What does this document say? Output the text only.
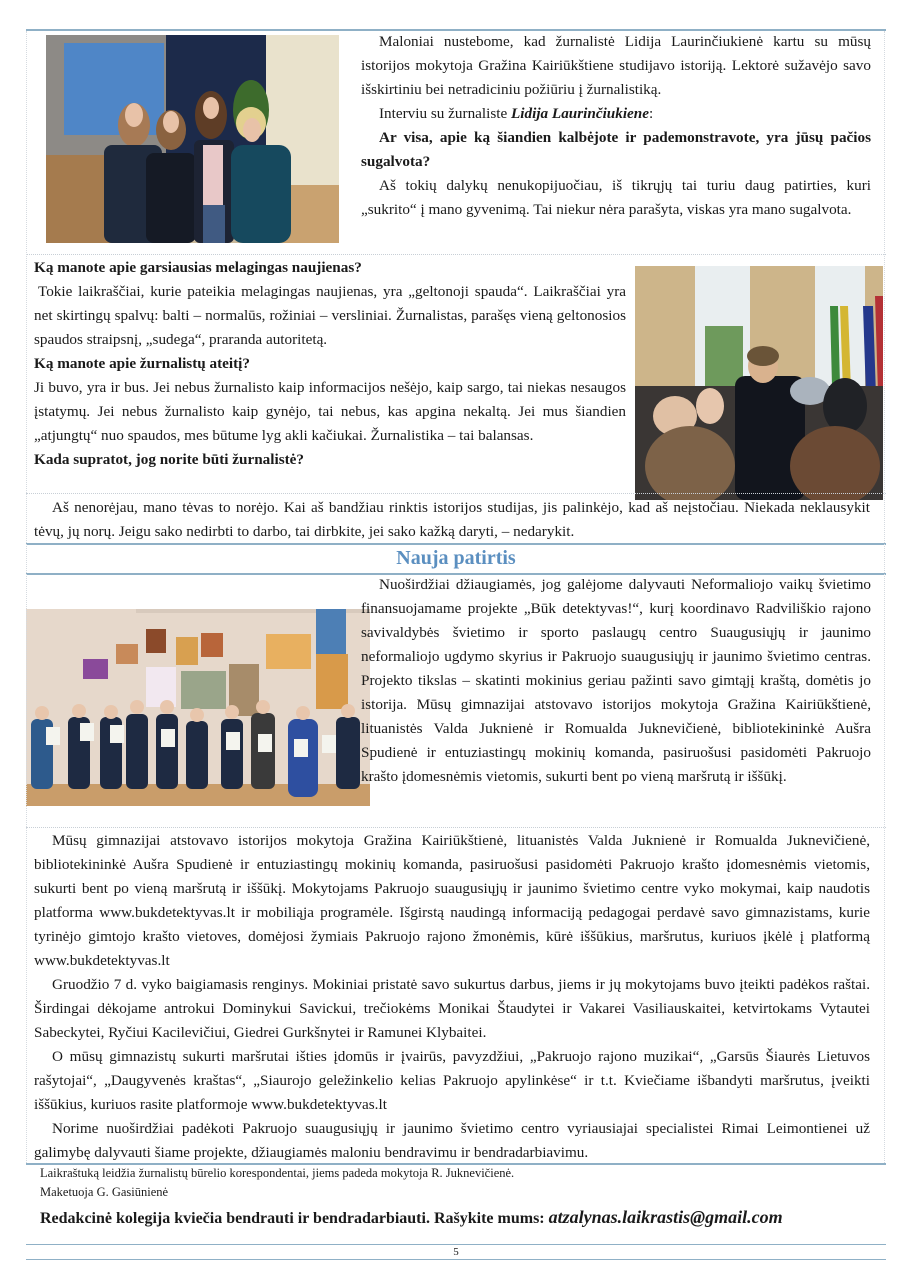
Maloniai nustebome, kad žurnalistė Lidija Laurinčiukienė kartu su mūsų istorijos mokytoja Gražina Kairiūkštiene studijavo istoriją. Lektorė sužavėjo savo išskirtiniu bei netradiciniu požiūriu į žurnalistiką.

Interviu su žurnaliste Lidija Laurinčiukiene:

Ar visa, apie ką šiandien kalbėjote ir pademonstravote, yra jūsų pačios sugalvota?

Aš tokių dalykų nenukopijuočiau, iš tikrųjų tai turiu daug patirties, kuri „sukrito“ į mano gyvenimą. Tai niekur nėra parašyta, viskas yra mano sugalvota.

Ką manote apie garsiausias melagingas naujienas?

Tokie laikraščiai, kurie pateikia melagingas naujienas, yra „geltonoji spauda“. Laikraščiai yra net skirtingų spalvų: balti – normalūs, rožiniai – versliniai. Žurnalistas, parašęs vieną geltonosios spaudos straipsnį, „sudega“, praranda autoritetą.

Ką manote apie žurnalistų ateitį?

Ji buvo, yra ir bus. Jei nebus žurnalisto kaip informacijos nešėjo, kaip sargo, tai niekas nesaugos įstatymų. Jei nebus žurnalisto kaip gynėjo, tai nebus, kas apgina nekaltą. Jei mus šiandien „atjungtų“ nuo spaudos, mes būtume lyg akli kačiukai. Žurnalistika – tai balansas.

Kada supratot, jog norite būti žurnalistė?

Aš nenorėjau, mano tėvas to norėjo. Kai aš bandžiau rinktis istorijos studijas, jis palinkėjo, kad aš neįstočiau. Niekada neklausykit tėvų, jų norų. Jeigu sako nedirbti to darbo, tai dirbkite, jei sako kažką daryti, – nedarykit.

Nauja patirtis

Nuoširdžiai džiaugiamės, jog galėjome dalyvauti Neformaliojo vaikų švietimo finansuojamame projekte „Būk detektyvas!“, kurį koordinavo Radviliškio rajono savivaldybės švietimo ir sporto paslaugų centro Suaugusiųjų ir jaunimo neformaliojo ugdymo skyrius ir Pakruojo suaugusiųjų ir jaunimo švietimo centras. Projekto tikslas – skatinti mokinius geriau pažinti savo gimtąjį kraštą, domėtis jo istorija. Mūsų gimnazijai atstovavo istorijos mokytoja Gražina Kairiūkštienė, lituanistės Valda Juknienė ir Romualda Juknevičienė, bibliotekininkė Aušra Spudienė ir entuziastingų mokinių komanda, pasiruošusi pasidomėti Pakruojo krašto įdomesnėmis vietomis, sukurti bent po vieną maršrutą ir iššūkį.

Mūsų gimnazijai atstovavo istorijos mokytoja Gražina Kairiūkštienė, lituanistės Valda Juknienė ir Romualda Juknevičienė, bibliotekininkė Aušra Spudienė ir entuziastingų mokinių komanda, pasiruošusi pasidomėti Pakruojo krašto įdomesnėmis vietomis, sukurti bent po vieną maršrutą ir iššūkį. Mokytojams Pakruojo suaugusiųjų ir jaunimo švietimo centre vyko mokymai, kaip naudotis platforma www.bukdetektyvas.lt ir mobiliąja programėle. Išgirstą naudingą informaciją pedagogai perdavė savo gimnazistams, kurie tyrinėjo gimtojo krašto vietoves, domėjosi žymiais Pakruojo rajono žmonėmis, kūrė iššūkius, maršrutus, kuriuos įkėlė į platformą www.bukdetektyvas.lt

Gruodžio 7 d. vyko baigiamasis renginys. Mokiniai pristatė savo sukurtus darbus, jiems ir jų mokytojams buvo įteikti padėkos raštai. Širdingai dėkojame antrokui Dominykui Savickui, trečiokėms Monikai Štaudytei ir Vakarei Vasiliauskaitei, ketvirtokams Vytautei Sabeckytei, Ryčiui Kacilevičiui, Giedrei Gurkšnytei ir Ramunei Klybaitei.

O mūsų gimnazistų sukurti maršrutai išties įdomūs ir įvairūs, pavyzdžiui, „Pakruojo rajono muzikai“, „Garsūs Šiaurės Lietuvos rašytojai“, „Daugyvenės kraštas“, „Siaurojo geležinkelio kelias Pakruojo apylinkėse“ ir t.t. Kviečiame išbandyti maršrutus, įveikti iššūkius, kuriuos rasite platformoje www.bukdetektyvas.lt

Norime nuoširdžiai padėkoti Pakruojo suaugusiųjų ir jaunimo švietimo centro vyriausiajai specialistei Rimai Leimontienei už galimybę dalyvauti šiame projekte, džiaugiamės maloniu bendravimu ir bendradarbiavimu.

Laikraštuką leidžia žurnalistų būrelio korespondentai, jiems padeda mokytoja R. Juknevičienė.
Maketuoja G. Gasiūnienė
Redakcinė kolegija kviečia bendrauti ir bendradarbiauti. Rašykite mums: atzalynas.laikrastis@gmail.com
5
